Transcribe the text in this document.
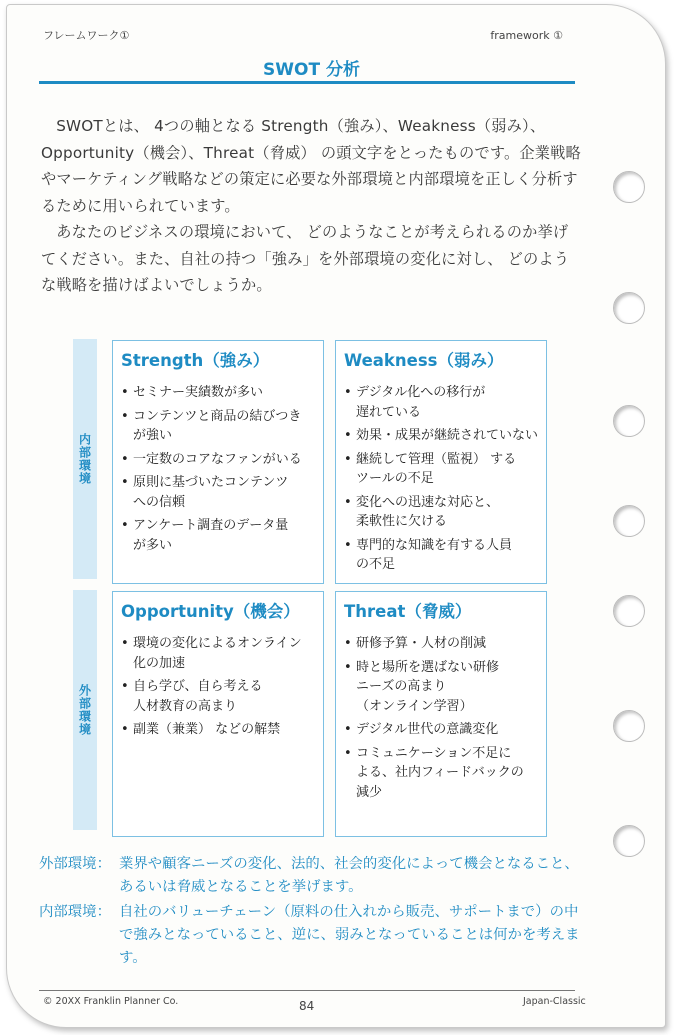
フレームワーク①	framework ①
SWOT 分析

SWOTとは、 4つの軸となる Strength（強み）、Weakness（弱み）、Opportunity（機会）、Threat（脅威） の頭文字をとったものです。企業戦略やマーケティング戦略などの策定に必要な外部環境と内部環境を正しく分析するために用いられています。

あなたのビジネスの環境において、 どのようなことが考えられるのか挙げてください。また、自社の持つ「強み」を外部環境の変化に対し、 どのような戦略を描けばよいでしょうか。

内部環境
外部環境
Strength（強み）
• セミナー実績数が多い
• コンテンツと商品の結びつき
が強い
• 一定数のコアなファンがいる
• 原則に基づいたコンテンツ
への信頼
• アンケート調査のデータ量
が多い
Weakness（弱み）
• デジタル化への移行が
遅れている
• 効果・成果が継続されていない
• 継続して管理（監視） する
ツールの不足
• 変化への迅速な対応と、
柔軟性に欠ける
• 専門的な知識を有する人員
の不足
Opportunity（機会）
• 環境の変化によるオンライン
化の加速
• 自ら学び、自ら考える
人材教育の高まり
• 副業（兼業） などの解禁
Threat（脅威）
• 研修予算・人材の削減
• 時と場所を選ばない研修
ニーズの高まり
（オンライン学習）
• デジタル世代の意識変化
• コミュニケーション不足に
よる、社内フィードバックの
減少
外部環境： 業界や顧客ニーズの変化、法的、社会的変化によって機会となること、あるいは脅威となることを挙げます。
内部環境： 自社のバリューチェーン（原料の仕入れから販売、サポートまで）の中で強みとなっていること、逆に、弱みとなっていることは何かを考えます。
© 20XX Franklin Planner Co.	84	Japan-Classic
